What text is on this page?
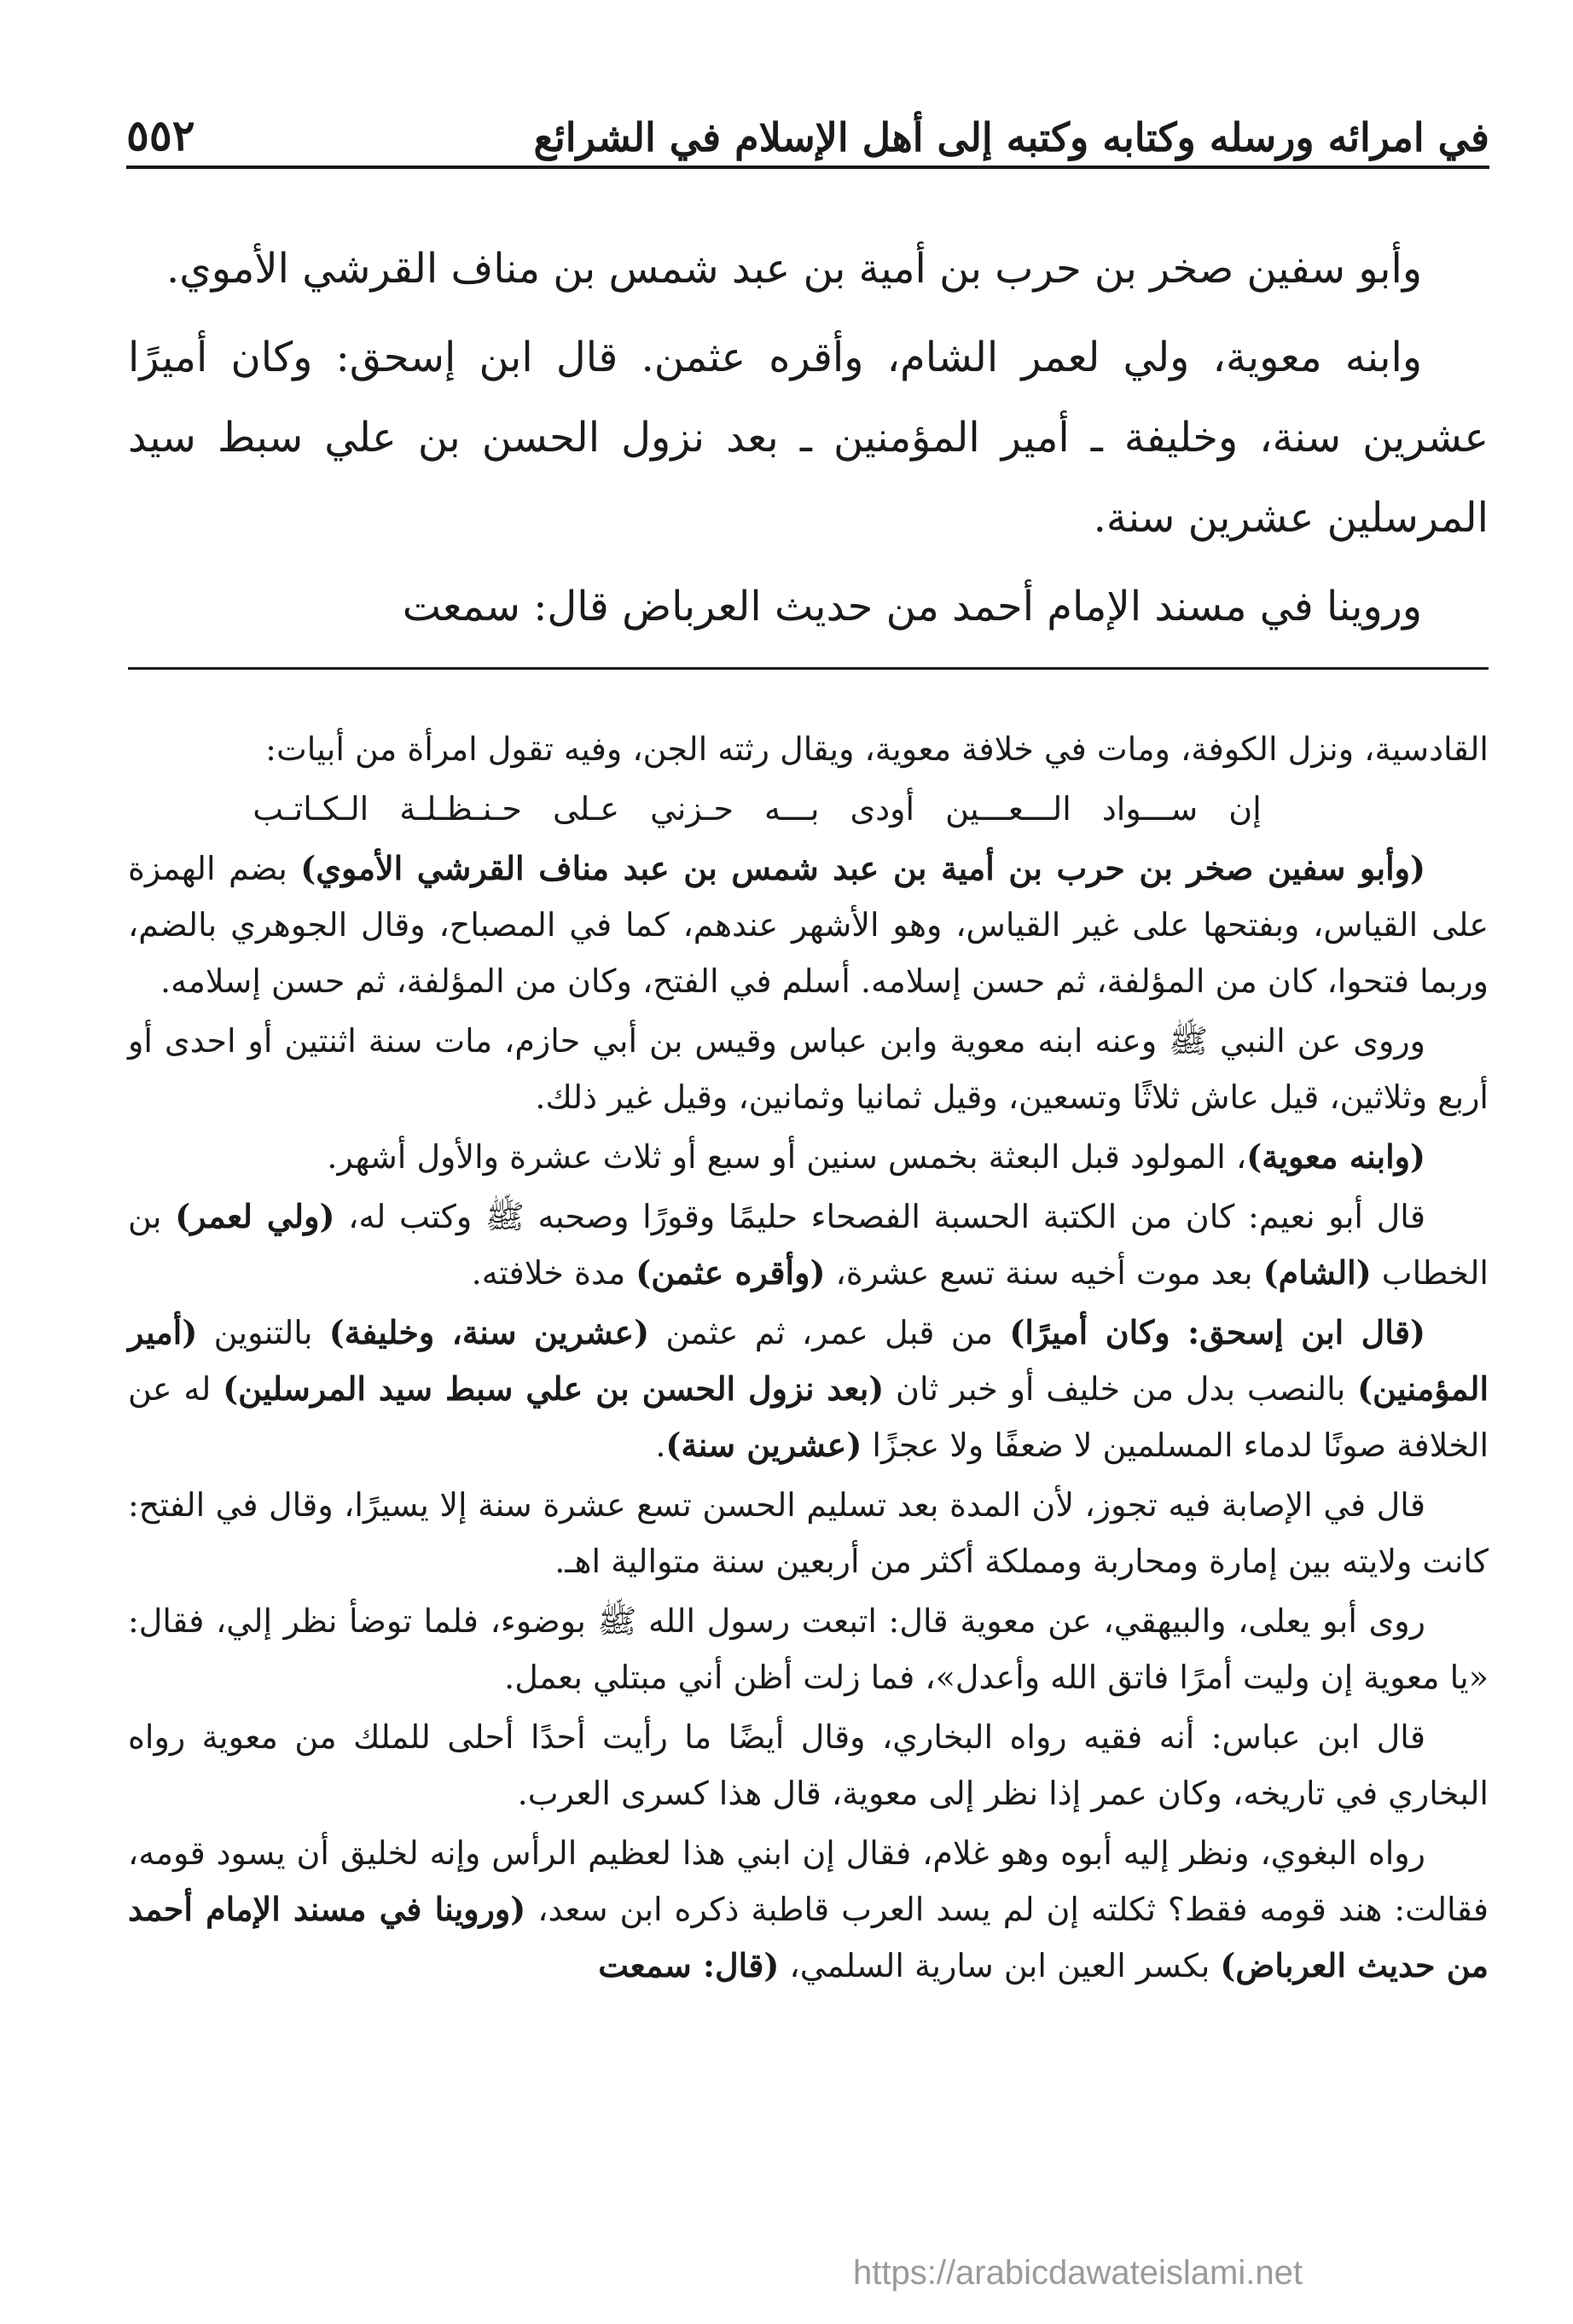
في امرائه ورسله وكتابه وكتبه إلى أهل الإسلام في الشرائع
٥٥٢

وأبو سفين صخر بن حرب بن أمية بن عبد شمس بن مناف القرشي الأموي.

وابنه معوية، ولي لعمر الشام، وأقره عثمن. قال ابن إسحق: وكان أميرًا عشرين سنة، وخليفة ـ أمير المؤمنين ـ بعد نزول الحسن بن علي سبط سيد المرسلين عشرين سنة.

وروينا في مسند الإمام أحمد من حديث العرباض قال: سمعت

القادسية، ونزل الكوفة، ومات في خلافة معوية، ويقال رثته الجن، وفيه تقول امرأة من أبيات:

إن ســـواد الـــعـــين أودى بـــه حـزني عـلى حـنـظـلـة الـكـاتـب

(وأبو سفين صخر بن حرب بن أمية بن عبد شمس بن عبد مناف القرشي الأموي) بضم الهمزة على القياس، وبفتحها على غير القياس، وهو الأشهر عندهم، كما في المصباح، وقال الجوهري بالضم، وربما فتحوا، كان من المؤلفة، ثم حسن إسلامه. أسلم في الفتح، وكان من المؤلفة، ثم حسن إسلامه.

وروى عن النبي ﷺ وعنه ابنه معوية وابن عباس وقيس بن أبي حازم، مات سنة اثنتين أو احدى أو أربع وثلاثين، قيل عاش ثلاثًا وتسعين، وقيل ثمانيا وثمانين، وقيل غير ذلك.

(وابنه معوية)، المولود قبل البعثة بخمس سنين أو سبع أو ثلاث عشرة والأول أشهر.

قال أبو نعيم: كان من الكتبة الحسبة الفصحاء حليمًا وقورًا وصحبه ﷺ وكتب له، (ولي لعمر) بن الخطاب (الشام) بعد موت أخيه سنة تسع عشرة، (وأقره عثمن) مدة خلافته.

(قال ابن إسحق: وكان أميرًا) من قبل عمر، ثم عثمن (عشرين سنة، وخليفة) بالتنوين (أمير المؤمنين) بالنصب بدل من خليف أو خبر ثان (بعد نزول الحسن بن علي سبط سيد المرسلين) له عن الخلافة صونًا لدماء المسلمين لا ضعفًا ولا عجزًا (عشرين سنة).

قال في الإصابة فيه تجوز، لأن المدة بعد تسليم الحسن تسع عشرة سنة إلا يسيرًا، وقال في الفتح: كانت ولايته بين إمارة ومحاربة ومملكة أكثر من أربعين سنة متوالية اهـ.

روى أبو يعلى، والبيهقي، عن معوية قال: اتبعت رسول الله ﷺ بوضوء، فلما توضأ نظر إلي، فقال: «يا معوية إن وليت أمرًا فاتق الله وأعدل»، فما زلت أظن أني مبتلي بعمل.

قال ابن عباس: أنه فقيه رواه البخاري، وقال أيضًا ما رأيت أحدًا أحلى للملك من معوية رواه البخاري في تاريخه، وكان عمر إذا نظر إلى معوية، قال هذا كسرى العرب.

رواه البغوي، ونظر إليه أبوه وهو غلام، فقال إن ابني هذا لعظيم الرأس وإنه لخليق أن يسود قومه، فقالت: هند قومه فقط؟ ثكلته إن لم يسد العرب قاطبة ذكره ابن سعد، (وروينا في مسند الإمام أحمد من حديث العرباض) بكسر العين ابن سارية السلمي، (قال: سمعت

https://arabicdawateislami.net
